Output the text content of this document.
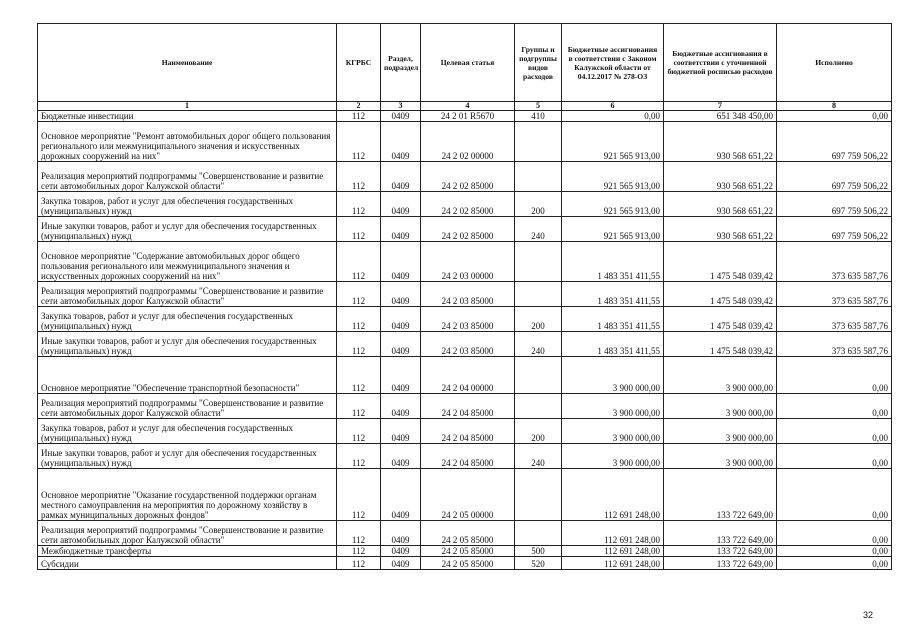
Наименование	КГРБС	Раздел, подраздел	Целевая статья	Группы и подгруппы видов расходов	Бюджетные ассигнования в соответствии с Законом Калужской области от 04.12.2017 № 278-ОЗ	Бюджетные ассигнования в соответствии с уточненной бюджетной росписью расходов	Исполнено
1	2	3	4	5	6	7	8
Бюджетные инвестиции	112	0409	24 2 01 R5670	410	0,00	651 348 450,00	0,00
Основное мероприятие "Ремонт автомобильных дорог общего пользования регионального или межмуниципального значения и искусственных дорожных сооружений на них"	112	0409	24 2 02 00000		921 565 913,00	930 568 651,22	697 759 506,22
Реализация мероприятий подпрограммы "Совершенствование и развитие сети автомобильных дорог Калужской области"	112	0409	24 2 02 85000		921 565 913,00	930 568 651,22	697 759 506,22
Закупка товаров, работ и услуг для обеспечения государственных (муниципальных) нужд	112	0409	24 2 02 85000	200	921 565 913,00	930 568 651,22	697 759 506,22
Иные закупки товаров, работ и услуг для обеспечения государственных (муниципальных) нужд	112	0409	24 2 02 85000	240	921 565 913,00	930 568 651,22	697 759 506,22
Основное мероприятие "Содержание автомобильных дорог общего пользования регионального или межмуниципального значения и искусственных дорожных сооружений на них"	112	0409	24 2 03 00000		1 483 351 411,55	1 475 548 039,42	373 635 587,76
Реализация мероприятий подпрограммы "Совершенствование и развитие сети автомобильных дорог Калужской области"	112	0409	24 2 03 85000		1 483 351 411,55	1 475 548 039,42	373 635 587,76
Закупка товаров, работ и услуг для обеспечения государственных (муниципальных) нужд	112	0409	24 2 03 85000	200	1 483 351 411,55	1 475 548 039,42	373 635 587,76
Иные закупки товаров, работ и услуг для обеспечения государственных (муниципальных) нужд	112	0409	24 2 03 85000	240	1 483 351 411,55	1 475 548 039,42	373 635 587,76
Основное мероприятие "Обеспечение транспортной безопасности"	112	0409	24 2 04 00000		3 900 000,00	3 900 000,00	0,00
Реализация мероприятий подпрограммы "Совершенствование и развитие сети автомобильных дорог Калужской области"	112	0409	24 2 04 85000		3 900 000,00	3 900 000,00	0,00
Закупка товаров, работ и услуг для обеспечения государственных (муниципальных) нужд	112	0409	24 2 04 85000	200	3 900 000,00	3 900 000,00	0,00
Иные закупки товаров, работ и услуг для обеспечения государственных (муниципальных) нужд	112	0409	24 2 04 85000	240	3 900 000,00	3 900 000,00	0,00
Основное мероприятие "Оказание государственной поддержки органам местного самоуправления на мероприятия по дорожному хозяйству в рамках муниципальных дорожных фондов"	112	0409	24 2 05 00000		112 691 248,00	133 722 649,00	0,00
Реализация мероприятий подпрограммы "Совершенствование и развитие сети автомобильных дорог Калужской области"	112	0409	24 2 05 85000		112 691 248,00	133 722 649,00	0,00
Межбюджетные трансферты	112	0409	24 2 05 85000	500	112 691 248,00	133 722 649,00	0,00
Субсидии	112	0409	24 2 05 85000	520	112 691 248,00	133 722 649,00	0,00
32
